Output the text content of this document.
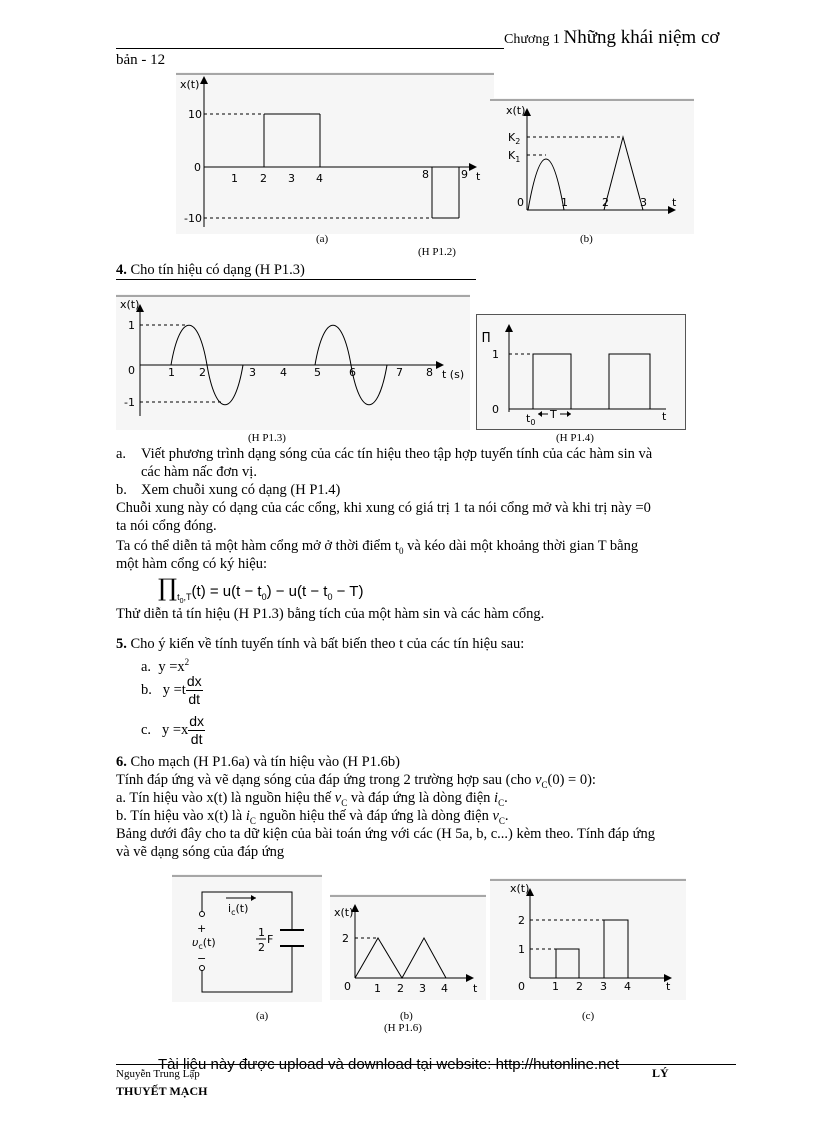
Chương 1 Những khái niệm cơ
bản - 12
x(t)
10
0
-10
1 2 3 4	8	9 t
(a)
x(t)
$K_2$
$K_1$
0	1	2	3 t
(b)
(H P1.2)
4. Cho tín hiệu có dạng (H P1.3)
x(t)
1
0
-1
1 2	3 4 5	6	7 8 t (s)
(H P1.3)
∏
1
0
$t_0$
T	t
(H P1.4)
a. Viết phương trình dạng sóng của các tín hiệu theo tập hợp tuyến tính của các hàm sin và
các hàm nấc đơn vị.
b. Xem chuỗi xung có dạng (H P1.4)
Chuỗi xung này có dạng của các cổng, khi xung có giá trị 1 ta nói cổng mở và khi trị này =0
ta nói cổng đóng.
Ta có thể diễn tả một hàm cổng mở ở thời điểm $t_0$ và kéo dài một khoảng thời gian T bằng
một hàm cổng có ký hiệu:
$\prod_{t_0,T}(t) = u(t - t_0) - u(t - t_0 - T)$
Thử diễn tả tín hiệu (H P1.3) bằng tích của một hàm sin và các hàm cổng.
5. Cho ý kiến về tính tuyến tính và bất biến theo t của các tín hiệu sau:
a. $y =x^2$
b. $y =t \frac{dx}{dt}$
c. $y =x \frac{dx}{dt}$
6. Cho mạch (H P1.6a) và tín hiệu vào (H P1.6b)
Tính đáp ứng và vẽ dạng sóng của đáp ứng trong 2 trường hợp sau (cho $v_C(0) = 0$):
a. Tín hiệu vào x(t) là nguồn hiệu thế $v_C$ và đáp ứng là dòng điện $i_C$.
b. Tín hiệu vào x(t) là $i_C$ nguồn hiệu thế và đáp ứng là dòng điện $v_C$.
Bảng dưới đây cho ta dữ kiện của bài toán ứng với các (H 5a, b, c...) kèm theo. Tính đáp ứng
và vẽ dạng sóng của đáp ứng
$i_c(t)$
+
$\upsilon_c(t)$
−
1
2
F
(a)
x(t)
2
0 1 2 3 4 t
(b)
(H P1.6)
x(t)
2
1
0 1 2 3 4	t
(c)
Tài liệu này được upload và download tại website: http://hutonline.net
Nguyễn Trung Lập	LÝ
THUYẾT MẠCH
